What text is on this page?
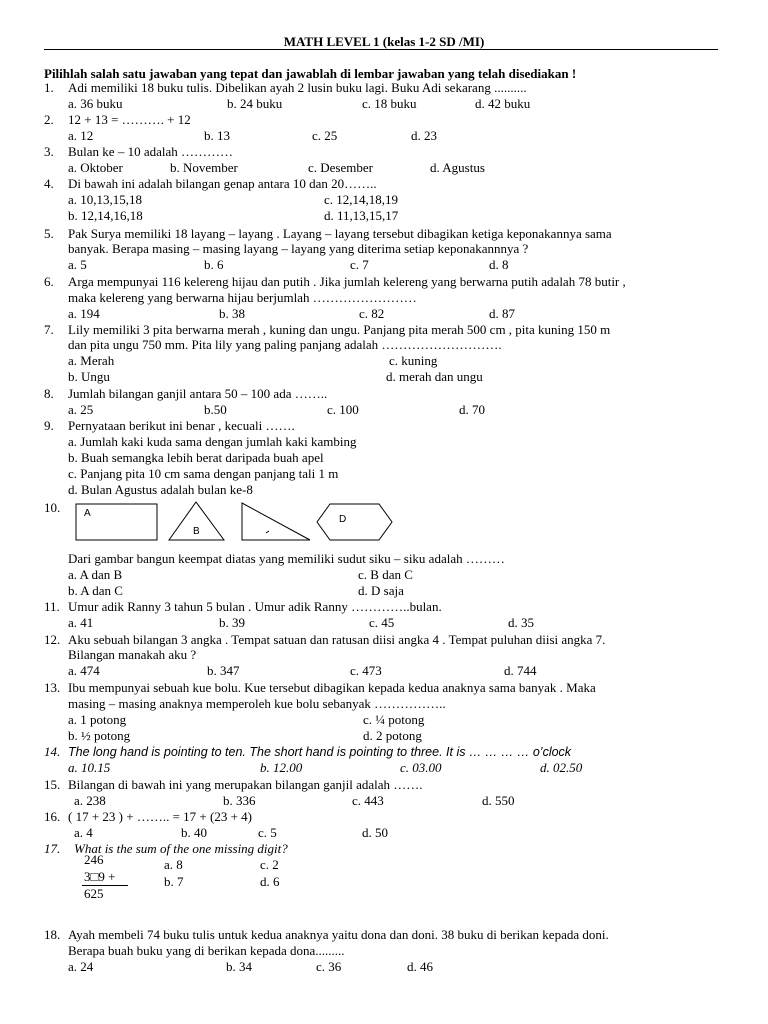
MATH LEVEL 1 (kelas 1-2 SD /MI)
Pilihlah salah satu jawaban yang tepat dan jawablah di lembar jawaban yang telah disediakan !
1. Adi memiliki 18 buku tulis. Dibelikan ayah 2 lusin buku lagi. Buku Adi sekarang ..........
a. 36 buku	b. 24 buku	c. 18 buku	d. 42 buku
2. 12 + 13 = ………. + 12
a. 12	b. 13	c. 25	d. 23
3. Bulan ke – 10 adalah …………
a. Oktober	b. November	c. Desember	d. Agustus
4. Di bawah ini adalah bilangan genap antara 10 dan 20……..
a. 10,13,15,18	c. 12,14,18,19
b. 12,14,16,18	d. 11,13,15,17
5. Pak Surya memiliki 18 layang – layang . Layang – layang tersebut dibagikan ketiga keponakannya sama
banyak. Berapa masing – masing layang – layang yang diterima setiap keponakannnya ?
a. 5	b. 6	c. 7	d. 8
6. Arga mempunyai 116 kelereng hijau dan putih . Jika jumlah kelereng yang berwarna putih adalah 78 butir ,
maka kelereng yang berwarna hijau berjumlah ……………………
a. 194	b. 38	c. 82	d. 87
7. Lily memiliki 3 pita berwarna merah , kuning dan ungu. Panjang pita merah 500 cm , pita kuning 150 m
dan pita ungu 750 mm. Pita lily yang paling panjang adalah ……………………….
a. Merah	c. kuning
b. Ungu	d. merah dan ungu
8. Jumlah bilangan ganjil antara 50 – 100 ada ……..
a. 25	b.50	c. 100	d. 70
9. Pernyataan berikut ini benar , kecuali …….
a. Jumlah kaki kuda sama dengan jumlah kaki kambing
b. Buah semangka lebih berat daripada buah apel
c. Panjang pita 10 cm sama dengan panjang tali 1 m
d. Bulan Agustus adalah bulan ke-8
10. A
B
D
Dari gambar bangun keempat diatas yang memiliki sudut siku – siku adalah ………
a. A dan B	c. B dan C
b. A dan C	d. D saja
11. Umur adik Ranny 3 tahun 5 bulan . Umur adik Ranny …………..bulan.
a. 41	b. 39	c. 45	d. 35
12. Aku sebuah bilangan 3 angka . Tempat satuan dan ratusan diisi angka 4 . Tempat puluhan diisi angka 7.
Bilangan manakah aku ?
a. 474	b. 347	c. 473	d. 744
13. Ibu mempunyai sebuah kue bolu. Kue tersebut dibagikan kepada kedua anaknya sama banyak . Maka
masing – masing anaknya memperoleh kue bolu sebanyak ……………..
a. 1 potong	c. ¼ potong
b. ½ potong	d. 2 potong
14. The long hand is pointing to ten. The short hand is pointing to three. It is … … … … o’clock
a. 10.15	b. 12.00	c. 03.00	d. 02.50
15. Bilangan di bawah ini yang merupakan bilangan ganjil adalah …….
a. 238	b. 336	c. 443	d. 550
16. ( 17 + 23 ) + …….. = 17 + (23 + 4)
a. 4	b. 40	c. 5	d. 50
17. What is the sum of the one missing digit?
246
3□9 +
625
a. 8	c. 2
b. 7	d. 6
18. Ayah membeli 74 buku tulis untuk kedua anaknya yaitu dona dan doni. 38 buku di berikan kepada doni.
Berapa buah buku yang di berikan kepada dona.........
a. 24	b. 34	c. 36	d. 46
